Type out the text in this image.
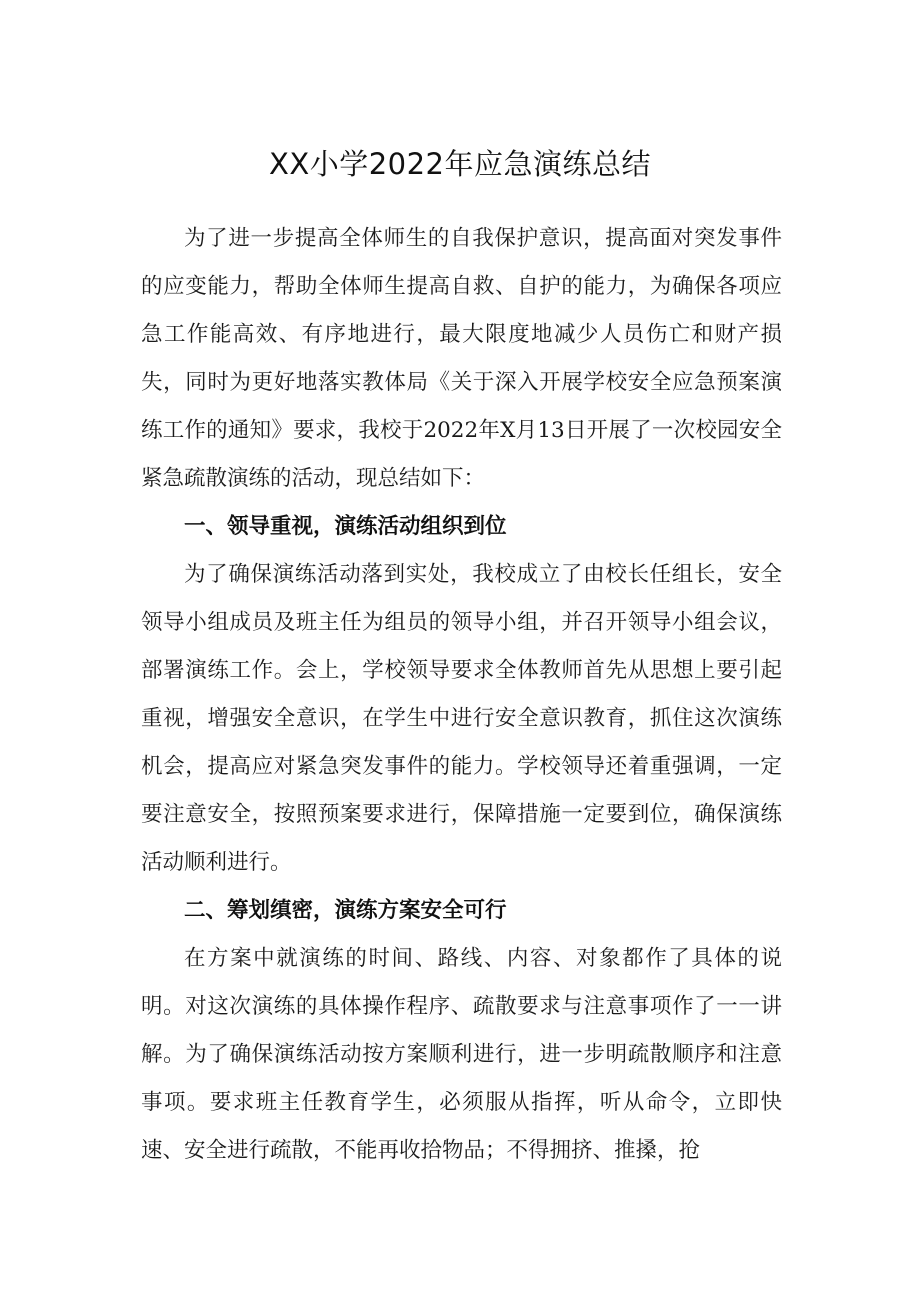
XX小学2022年应急演练总结

为了进一步提高全体师生的自我保护意识，提高面对突发事件的应变能力，帮助全体师生提高自救、自护的能力，为确保各项应急工作能高效、有序地进行，最大限度地减少人员伤亡和财产损失，同时为更好地落实教体局《关于深入开展学校安全应急预案演练工作的通知》要求，我校于2022年X月13日开展了一次校园安全紧急疏散演练的活动，现总结如下：

一、领导重视，演练活动组织到位

为了确保演练活动落到实处，我校成立了由校长任组长，安全领导小组成员及班主任为组员的领导小组，并召开领导小组会议，部署演练工作。会上，学校领导要求全体教师首先从思想上要引起重视，增强安全意识，在学生中进行安全意识教育，抓住这次演练机会，提高应对紧急突发事件的能力。学校领导还着重强调，一定要注意安全，按照预案要求进行，保障措施一定要到位，确保演练活动顺利进行。

二、筹划缜密，演练方案安全可行

在方案中就演练的时间、路线、内容、对象都作了具体的说明。对这次演练的具体操作程序、疏散要求与注意事项作了一一讲解。为了确保演练活动按方案顺利进行，进一步明疏散顺序和注意事项。要求班主任教育学生，必须服从指挥，听从命令，立即快速、安全进行疏散，不能再收拾物品；不得拥挤、推搡，抢
